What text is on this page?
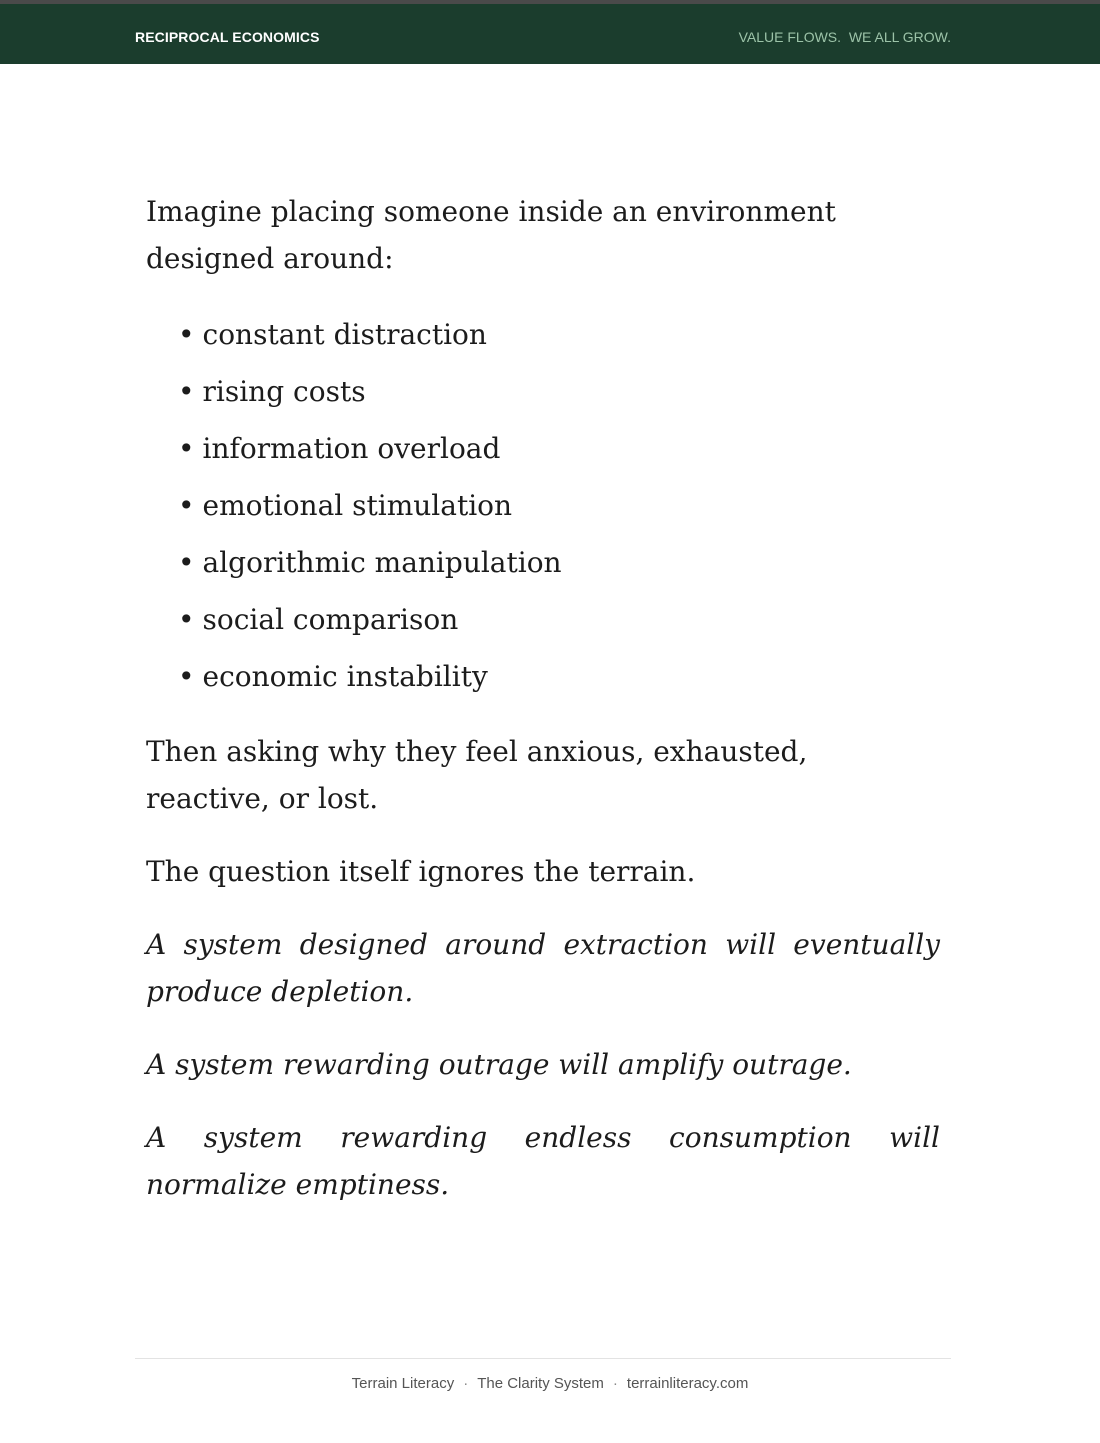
RECIPROCAL ECONOMICS	VALUE FLOWS.  WE ALL GROW.

Imagine placing someone inside an environment designed around:

• constant distraction
• rising costs
• information overload
• emotional stimulation
• algorithmic manipulation
• social comparison
• economic instability

Then asking why they feel anxious, exhausted, reactive, or lost.

The question itself ignores the terrain.

A system designed around extraction will eventually produce depletion.

A system rewarding outrage will amplify outrage.

A system rewarding endless consumption will normalize emptiness.

Terrain Literacy · The Clarity System · terrainliteracy.com
